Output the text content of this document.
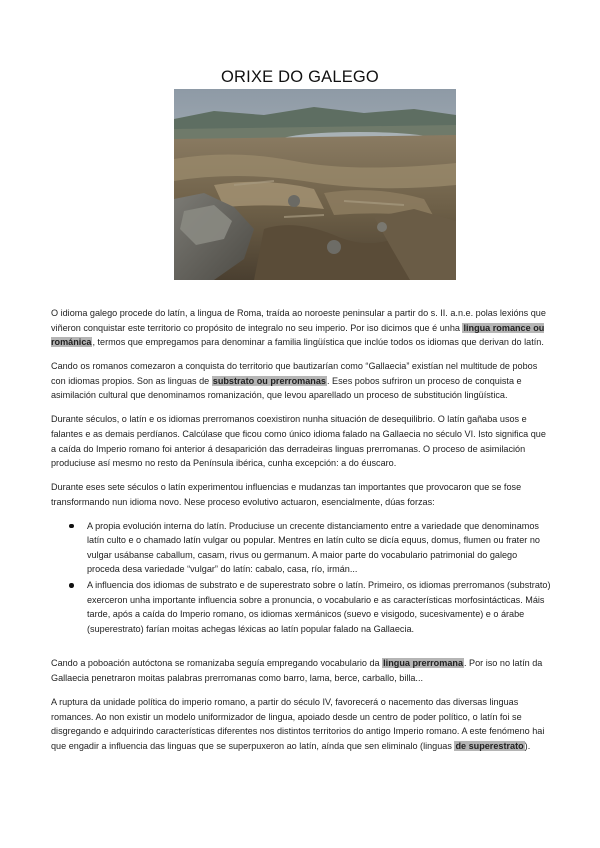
ORIXE DO GALEGO

O idioma galego procede do latín, a lingua de Roma, traída ao noroeste peninsular a partir do s. II. a.n.e. polas lexións que viñeron conquistar este territorio co propósito de integralo no seu imperio. Por iso dicimos que é unha lingua romance ou románica, termos que empregamos para denominar a familia lingüística que inclúe todos os idiomas que derivan do latín.

Cando os romanos comezaron a conquista do territorio que bautizarían como “Gallaecia” existían nel multitude de pobos con idiomas propios. Son as linguas de substrato ou prerromanas. Eses pobos sufriron un proceso de conquista e asimilación cultural que denominamos romanización, que levou aparellado un proceso de substitución lingüística.

Durante séculos, o latín e os idiomas prerromanos coexistiron nunha situación de desequilibrio. O latín gañaba usos e falantes e as demais perdíanos. Calcúlase que ficou como único idioma falado na Gallaecia no século VI. Isto significa que a caída do Imperio romano foi anterior á desaparición das derradeiras linguas prerromanas. O proceso de asimilación produciuse así mesmo no resto da Península ibérica, cunha excepción: a do éuscaro.

Durante eses sete séculos o latín experimentou influencias e mudanzas tan importantes que provocaron que se fose transformando nun idioma novo. Nese proceso evolutivo actuaron, esencialmente, dúas forzas:

A propia evolución interna do latín. Produciuse un crecente distanciamento entre a variedade que denominamos latín culto e o chamado latín vulgar ou popular. Mentres en latín culto se dicía equus, domus, flumen ou frater no vulgar usábanse caballum, casam, rivus ou germanum. A maior parte do vocabulario patrimonial do galego proceda desa variedade “vulgar” do latín: cabalo, casa, río, irmán...
A influencia dos idiomas de substrato e de superestrato sobre o latín. Primeiro, os idiomas prerromanos (substrato) exerceron unha importante influencia sobre a pronuncia, o vocabulario e as características morfosintácticas. Máis tarde, após a caída do Imperio romano, os idiomas xermánicos (suevo e visigodo, sucesivamente) e o árabe (superestrato) farían moitas achegas léxicas ao latín popular falado na Gallaecia.

Cando a poboación autóctona se romanizaba seguía empregando vocabulario da lingua prerromana. Por iso no latín da Gallaecia penetraron moitas palabras prerromanas como barro, lama, berce, carballo, billa...

A ruptura da unidade política do imperio romano, a partir do século IV, favorecerá o nacemento das diversas linguas romances. Ao non existir un modelo uniformizador de lingua, apoiado desde un centro de poder político, o latín foi se disgregando e adquirindo características diferentes nos distintos territorios do antigo Imperio romano. A este fenómeno hai que engadir a influencia das linguas que se superpuxeron ao latín, aínda que sen eliminalo (linguas de superestrato).
